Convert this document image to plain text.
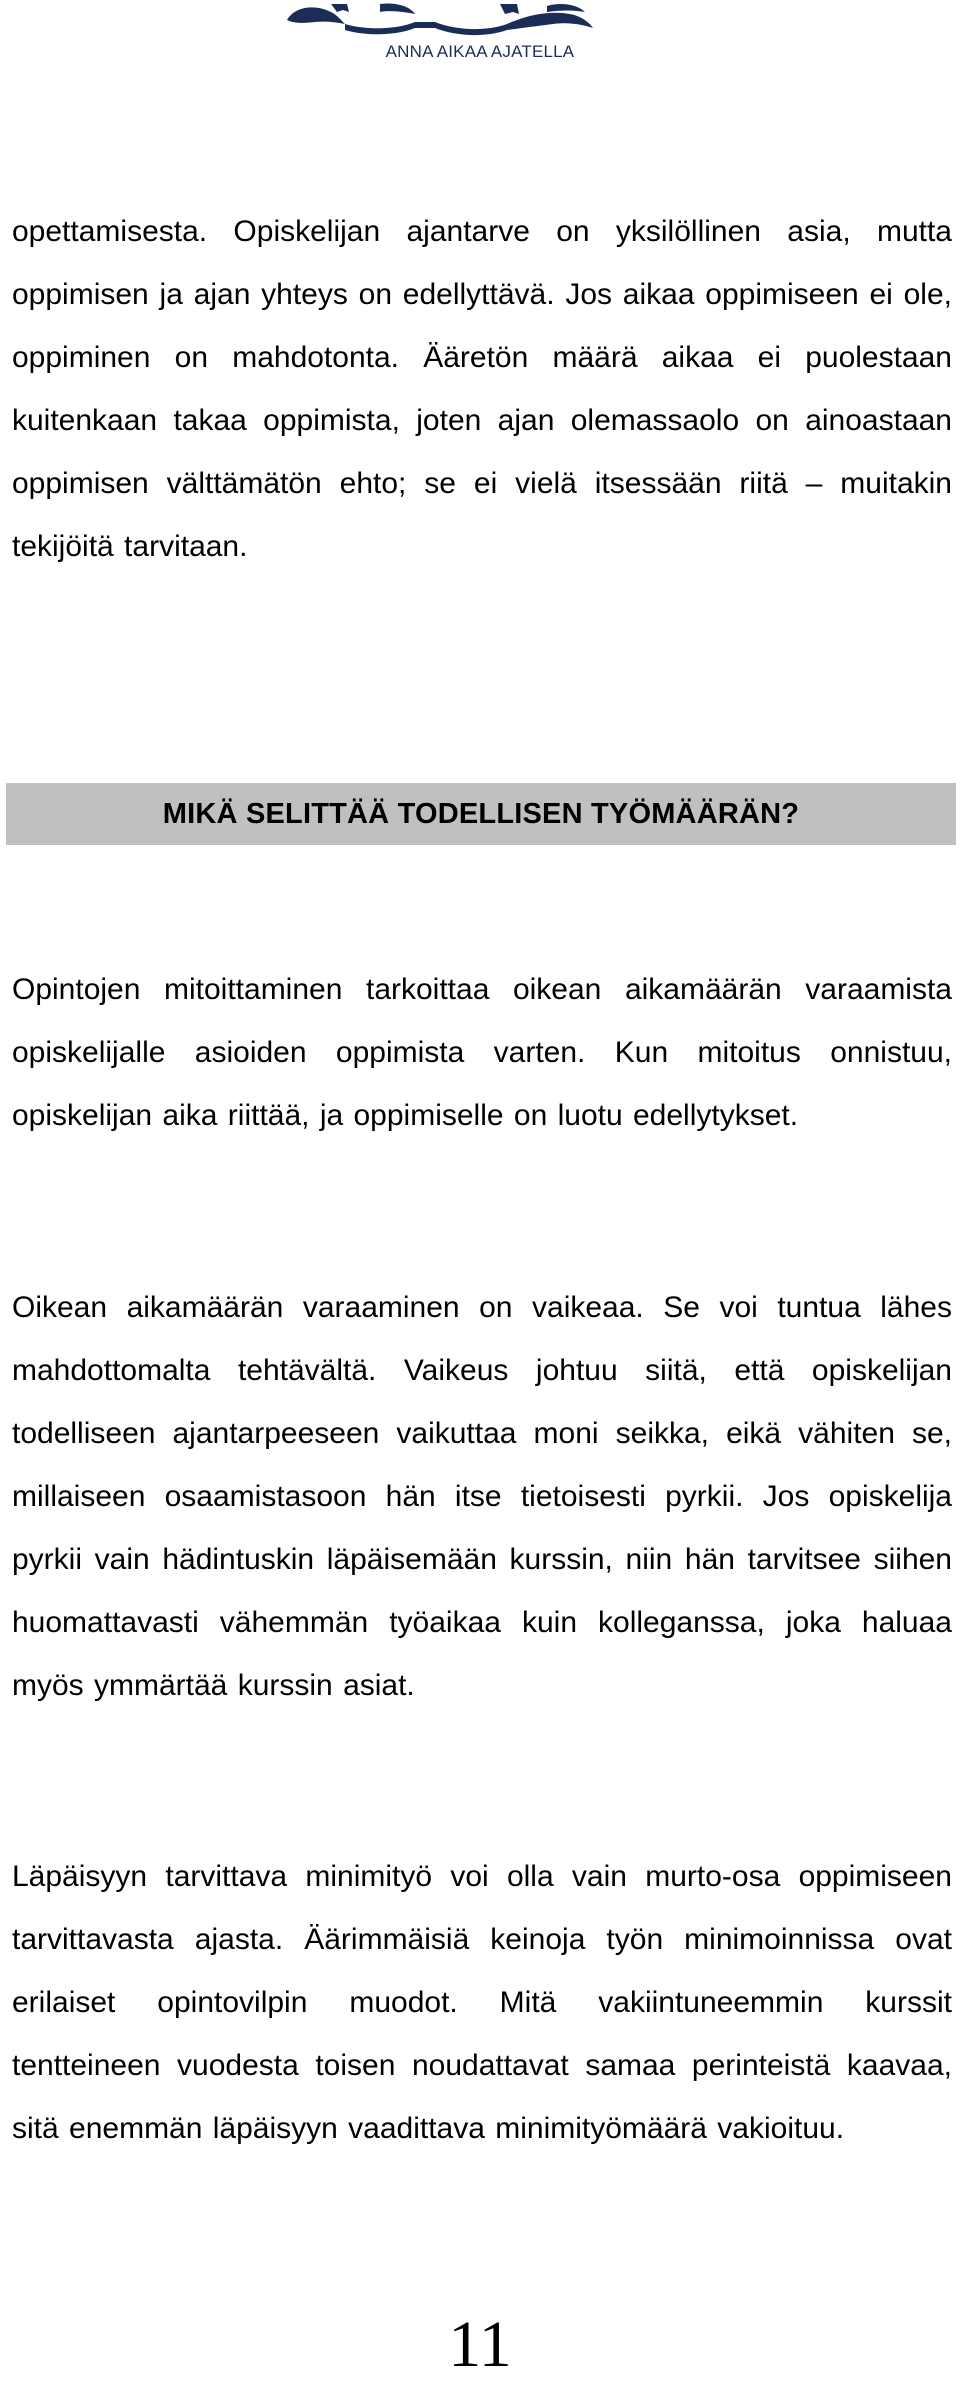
ANNA AIKAA AJATELLA

opettamisesta. Opiskelijan ajantarve on yksilöllinen asia, mutta oppimisen ja ajan yhteys on edellyttävä. Jos aikaa oppimiseen ei ole, oppiminen on mahdotonta. Ääretön määrä aikaa ei puolestaan kuitenkaan takaa oppimista, joten ajan olemassaolo on ainoastaan oppimisen välttämätön ehto; se ei vielä itsessään riitä – muitakin tekijöitä tarvitaan.

MIKÄ SELITTÄÄ TODELLISEN TYÖMÄÄRÄN?

Opintojen mitoittaminen tarkoittaa oikean aikamäärän varaamista opiskelijalle asioiden oppimista varten. Kun mitoitus onnistuu, opiskelijan aika riittää, ja oppimiselle on luotu edellytykset.

Oikean aikamäärän varaaminen on vaikeaa. Se voi tuntua lähes mahdottomalta tehtävältä. Vaikeus johtuu siitä, että opiskelijan todelliseen ajantarpeeseen vaikuttaa moni seikka, eikä vähiten se, millaiseen osaamistasoon hän itse tietoisesti pyrkii. Jos opiskelija pyrkii vain hädintuskin läpäisemään kurssin, niin hän tarvitsee siihen huomattavasti vähemmän työaikaa kuin kolleganssa, joka haluaa myös ymmärtää kurssin asiat.

Läpäisyyn tarvittava minimityö voi olla vain murto-osa oppimiseen tarvittavasta ajasta. Äärimmäisiä keinoja työn minimoinnissa ovat erilaiset opintovilpin muodot. Mitä vakiintuneemmin kurssit tentteineen vuodesta toisen noudattavat samaa perinteistä kaavaa, sitä enemmän läpäisyyn vaadittava minimityömäärä vakioituu.

11
